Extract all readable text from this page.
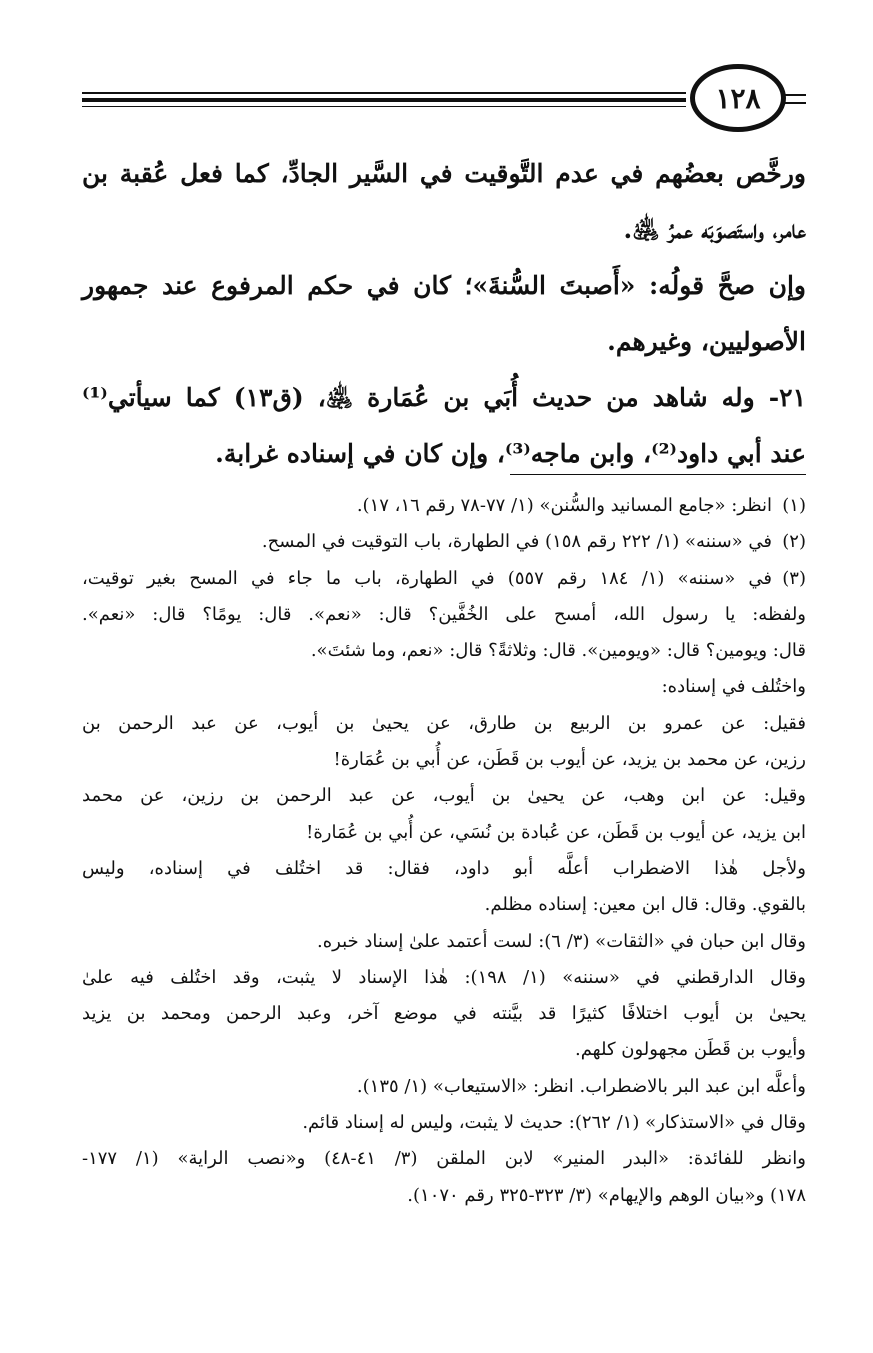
١٢٨
ورخَّص بعضُهم في عدم التَّوقيت في السَّير الجادِّ، كما فعل عُقبة بن
عامر، واستَصوَبَه عمرُ ﵁.
وإن صحَّ قولُه: «أَصبتَ السُّنةَ»؛ كان في حكم المرفوع عند جمهور
الأصوليين، وغيرهم.
٢١- وله شاهد من حديث أُبَي بن عُمَارة ﵁، (ق١٣) كما سيأتي⁽¹⁾
عند أبي داود⁽²⁾، وابن ماجه⁽³⁾، وإن كان في إسناده غرابة.
(١)انظر: «جامع المسانيد والسُّنن» (١/ ٧٧-٧٨ رقم ١٦، ١٧).
(٢)في «سننه» (١/ ٢٢٢ رقم ١٥٨) في الطهارة، باب التوقيت في المسح.
(٣)في «سننه» (١/ ١٨٤ رقم ٥٥٧) في الطهارة، باب ما جاء في المسح بغير توقيت،
ولفظه: يا رسول الله، أمسح على الخُفَّين؟ قال: «نعم». قال: يومًا؟ قال: «نعم».
قال: ويومين؟ قال: «ويومين». قال: وثلاثةً؟ قال: «نعم، وما شئتَ».
واختُلف في إسناده:
فقيل: عن عمرو بن الربيع بن طارق، عن يحيىٰ بن أيوب، عن عبد الرحمن بن
رزين، عن محمد بن يزيد، عن أيوب بن قَطَن، عن أُبي بن عُمَارة!
وقيل: عن ابن وهب، عن يحيىٰ بن أيوب، عن عبد الرحمن بن رزين، عن محمد
ابن يزيد، عن أيوب بن قَطَن، عن عُبادة بن نُسَي، عن أُبي بن عُمَارة!
ولأجل هٰذا الاضطراب أعلَّه أبو داود، فقال: قد اختُلف في إسناده، وليس
بالقوي. وقال: قال ابن معين: إسناده مظلم.
وقال ابن حبان في «الثقات» (٣/ ٦): لست أعتمد علىٰ إسناد خبره.
وقال الدارقطني في «سننه» (١/ ١٩٨): هٰذا الإسناد لا يثبت، وقد اختُلف فيه علىٰ
يحيىٰ بن أيوب اختلافًا كثيرًا قد بيَّنته في موضع آخر، وعبد الرحمن ومحمد بن يزيد
وأيوب بن قَطَن مجهولون كلهم.
وأعلَّه ابن عبد البر بالاضطراب. انظر: «الاستيعاب» (١/ ١٣٥).
وقال في «الاستذكار» (١/ ٢٦٢): حديث لا يثبت، وليس له إسناد قائم.
وانظر للفائدة: «البدر المنير» لابن الملقن (٣/ ٤١-٤٨) و«نصب الراية» (١/ ١٧٧-
١٧٨) و«بيان الوهم والإيهام» (٣/ ٣٢٣-٣٢٥ رقم ١٠٧٠).
